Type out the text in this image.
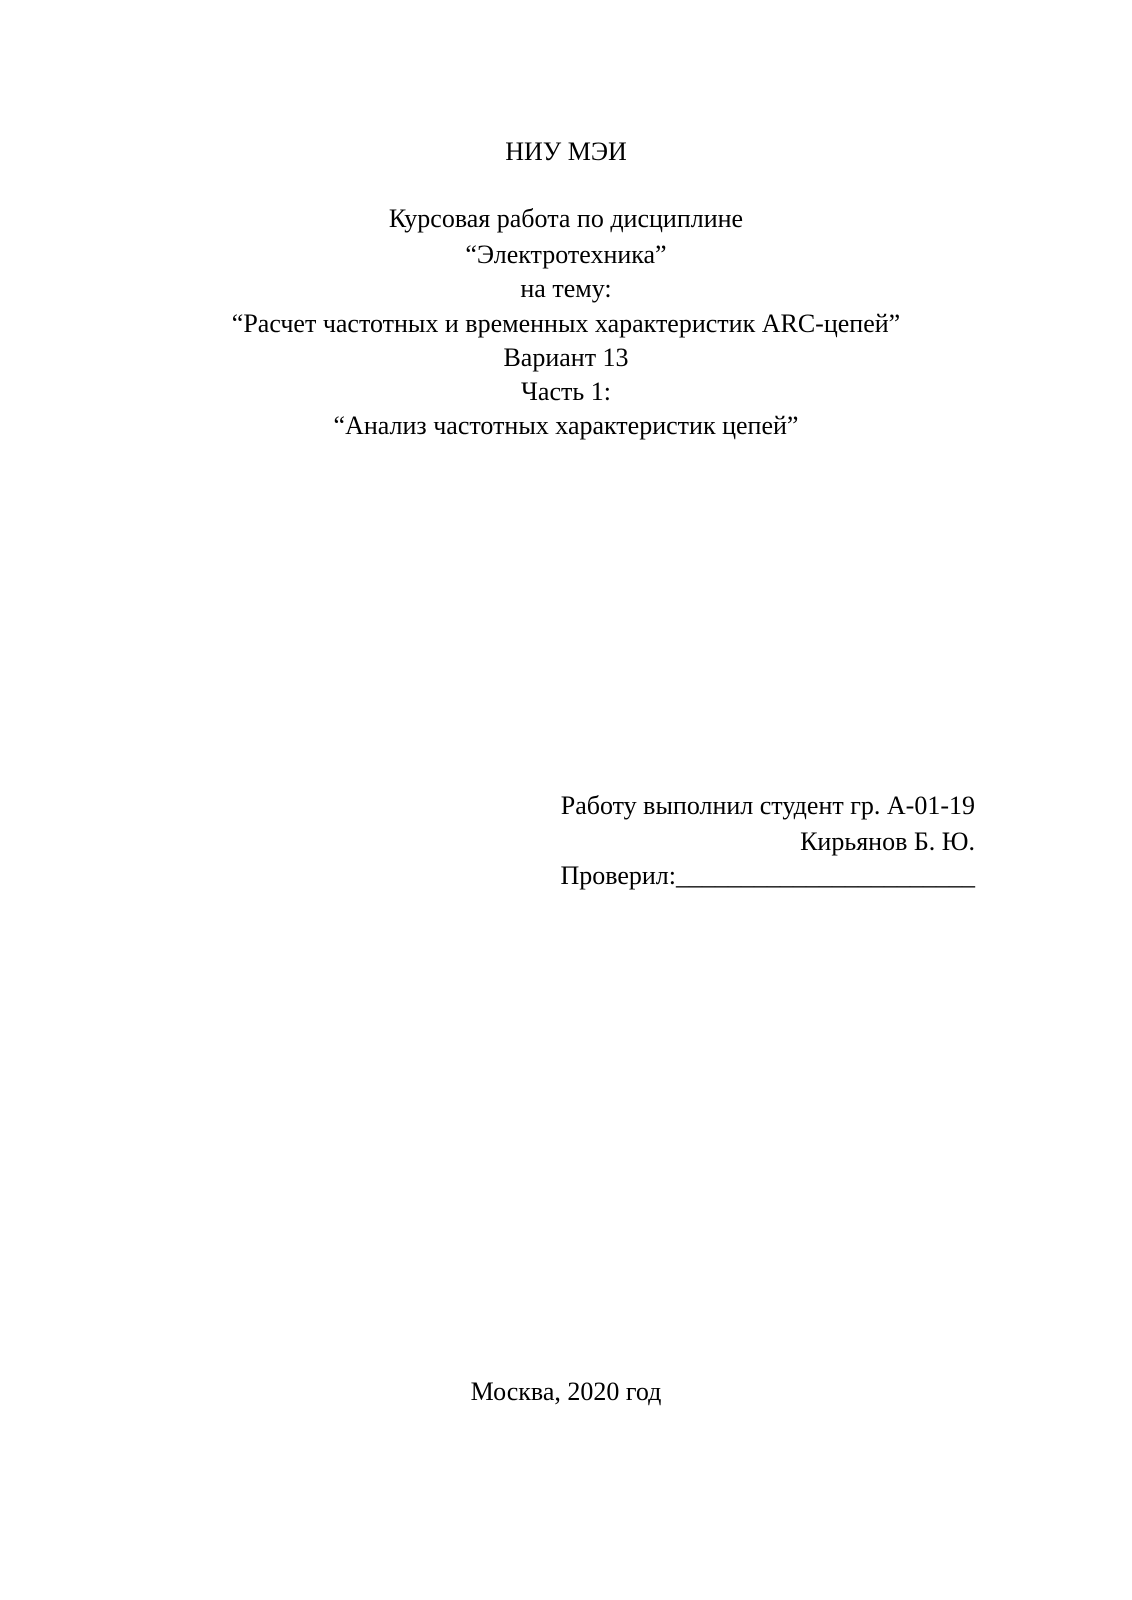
НИУ МЭИ

Курсовая работа по дисциплине

“Электротехника”

на тему:

“Расчет частотных и временных характеристик ARC-цепей”

Вариант 13

Часть 1:

“Анализ частотных характеристик цепей”

Работу выполнил студент гр. А-01-19

Кирьянов Б. Ю.

Проверил:_______________________

Москва, 2020 год
